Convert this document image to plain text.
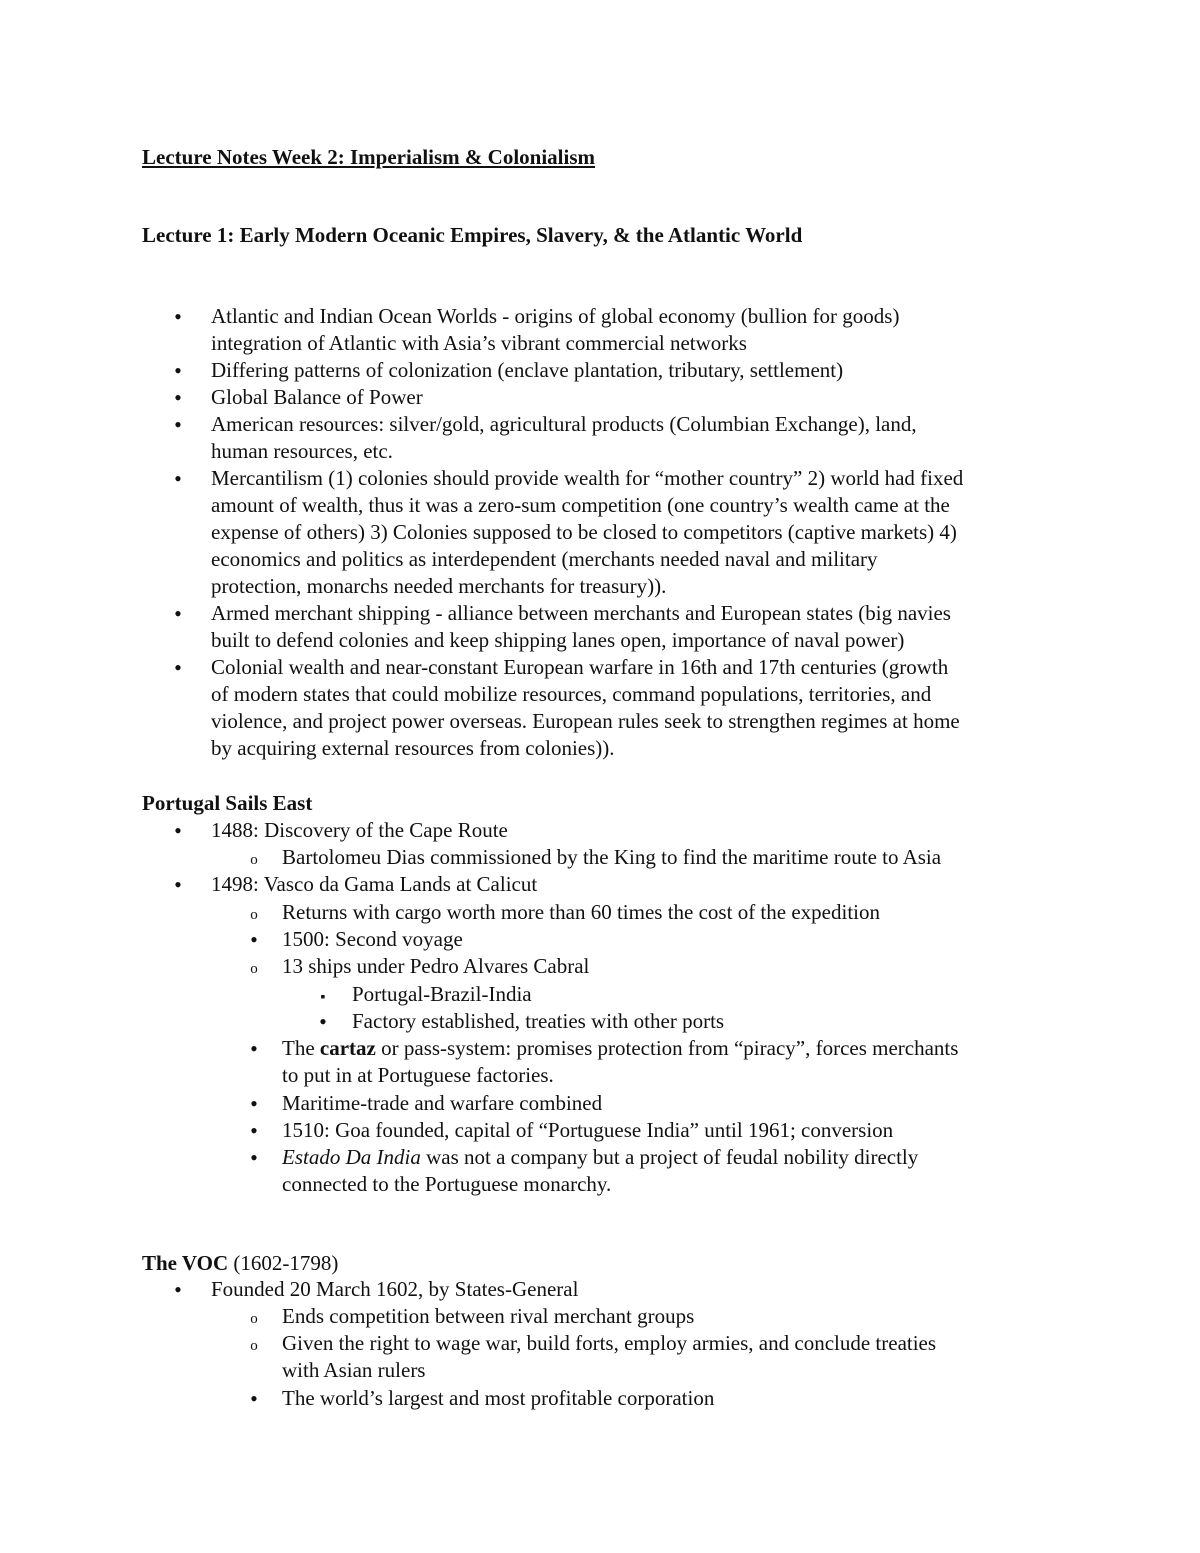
Lecture Notes Week 2: Imperialism & Colonialism
Lecture 1: Early Modern Oceanic Empires, Slavery, & the Atlantic World
•
Atlantic and Indian Ocean Worlds - origins of global economy (bullion for goods)
integration of Atlantic with Asia’s vibrant commercial networks
•
Differing patterns of colonization (enclave plantation, tributary, settlement)
•
Global Balance of Power
•
American resources: silver/gold, agricultural products (Columbian Exchange), land,
human resources, etc.
•
Mercantilism (1) colonies should provide wealth for “mother country” 2) world had fixed
amount of wealth, thus it was a zero-sum competition (one country’s wealth came at the
expense of others) 3) Colonies supposed to be closed to competitors (captive markets) 4)
economics and politics as interdependent (merchants needed naval and military
protection, monarchs needed merchants for treasury)).
•
Armed merchant shipping - alliance between merchants and European states (big navies
built to defend colonies and keep shipping lanes open, importance of naval power)
•
Colonial wealth and near-constant European warfare in 16th and 17th centuries (growth
of modern states that could mobilize resources, command populations, territories, and
violence, and project power overseas. European rules seek to strengthen regimes at home
by acquiring external resources from colonies)).
Portugal Sails East
•
1488: Discovery of the Cape Route
o
Bartolomeu Dias commissioned by the King to find the maritime route to Asia
•
1498: Vasco da Gama Lands at Calicut
o
Returns with cargo worth more than 60 times the cost of the expedition
•
1500: Second voyage
o
13 ships under Pedro Alvares Cabral
▪
Portugal-Brazil-India
•
Factory established, treaties with other ports
•
The cartaz or pass-system: promises protection from “piracy”, forces merchants
to put in at Portuguese factories.
•
Maritime-trade and warfare combined
•
1510: Goa founded, capital of “Portuguese India” until 1961; conversion
•
Estado Da India was not a company but a project of feudal nobility directly
connected to the Portuguese monarchy.
The VOC (1602-1798)
•
Founded 20 March 1602, by States-General
o
Ends competition between rival merchant groups
o
Given the right to wage war, build forts, employ armies, and conclude treaties
with Asian rulers
•
The world’s largest and most profitable corporation
